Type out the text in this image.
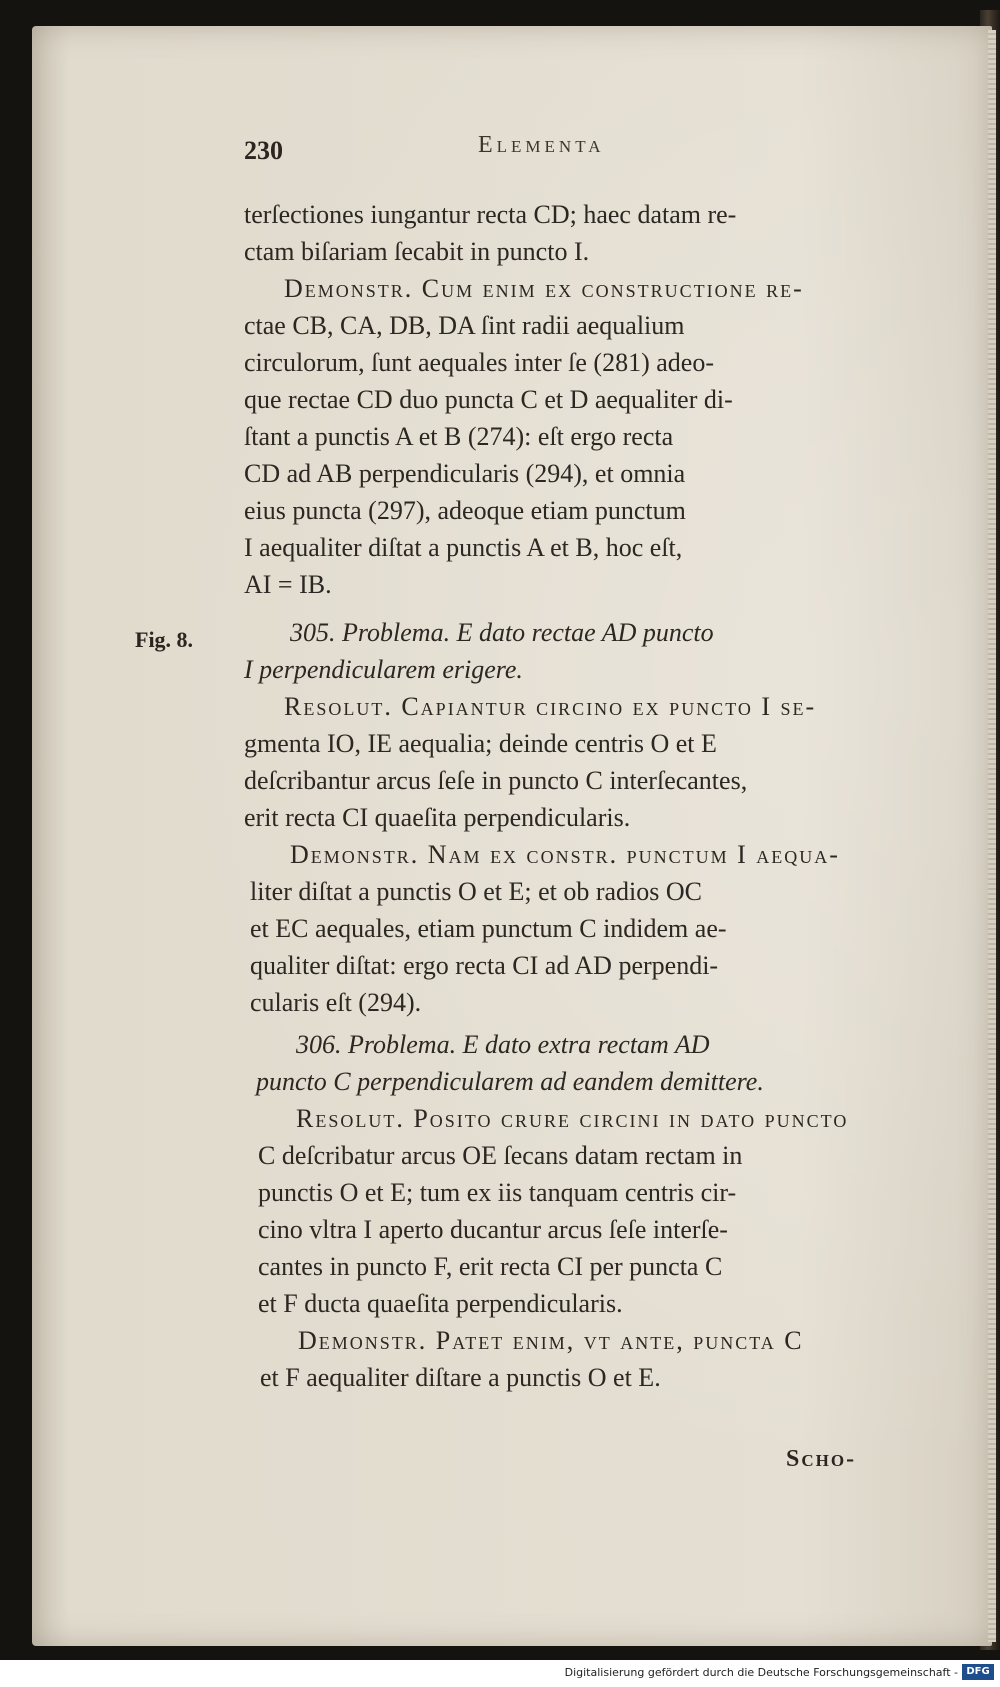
230	Elementa
Fig. 8.
terſectiones iungantur recta CD; haec datam re-
ctam biſariam ſecabit in puncto I.
Demonstr. Cum enim ex conſtructione re-
ctae CB, CA, DB, DA ſint radii aequalium
circulorum, ſunt aequales inter ſe (281) adeo-
que rectae CD duo puncta C et D aequaliter di-
ſtant a punctis A et B (274): eſt ergo recta
CD ad AB perpendicularis (294), et omnia
eius puncta (297), adeoque etiam punctum
I aequaliter diſtat a punctis A et B, hoc eſt,
AI = IB.
305. Problema. E dato rectae AD puncto
I perpendicularem erigere.
Resolut. Capiantur circino ex puncto I ſe-
gmenta IO, IE aequalia; deinde centris O et E
deſcribantur arcus ſeſe in puncto C interſecantes,
erit recta CI quaeſita perpendicularis.
Demonstr. Nam ex conſtr. punctum I aequa-
liter diſtat a punctis O et E; et ob radios OC
et EC aequales, etiam punctum C indidem ae-
qualiter diſtat: ergo recta CI ad AD perpendi-
cularis eſt (294).
306. Problema. E dato extra rectam AD
puncto C perpendicularem ad eandem demittere.
Resolut. Poſito crure circini in dato puncto
C deſcribatur arcus OE ſecans datam rectam in
punctis O et E; tum ex iis tanquam centris cir-
cino vltra I aperto ducantur arcus ſeſe interſe-
cantes in puncto F, erit recta CI per puncta C
et F ducta quaeſita perpendicularis.
Demonstr. Patet enim, vt ante, puncta C
et F aequaliter diſtare a punctis O et E.
Scho-
Digitalisierung gefördert durch die Deutsche Forschungsgemeinschaft - DFG
